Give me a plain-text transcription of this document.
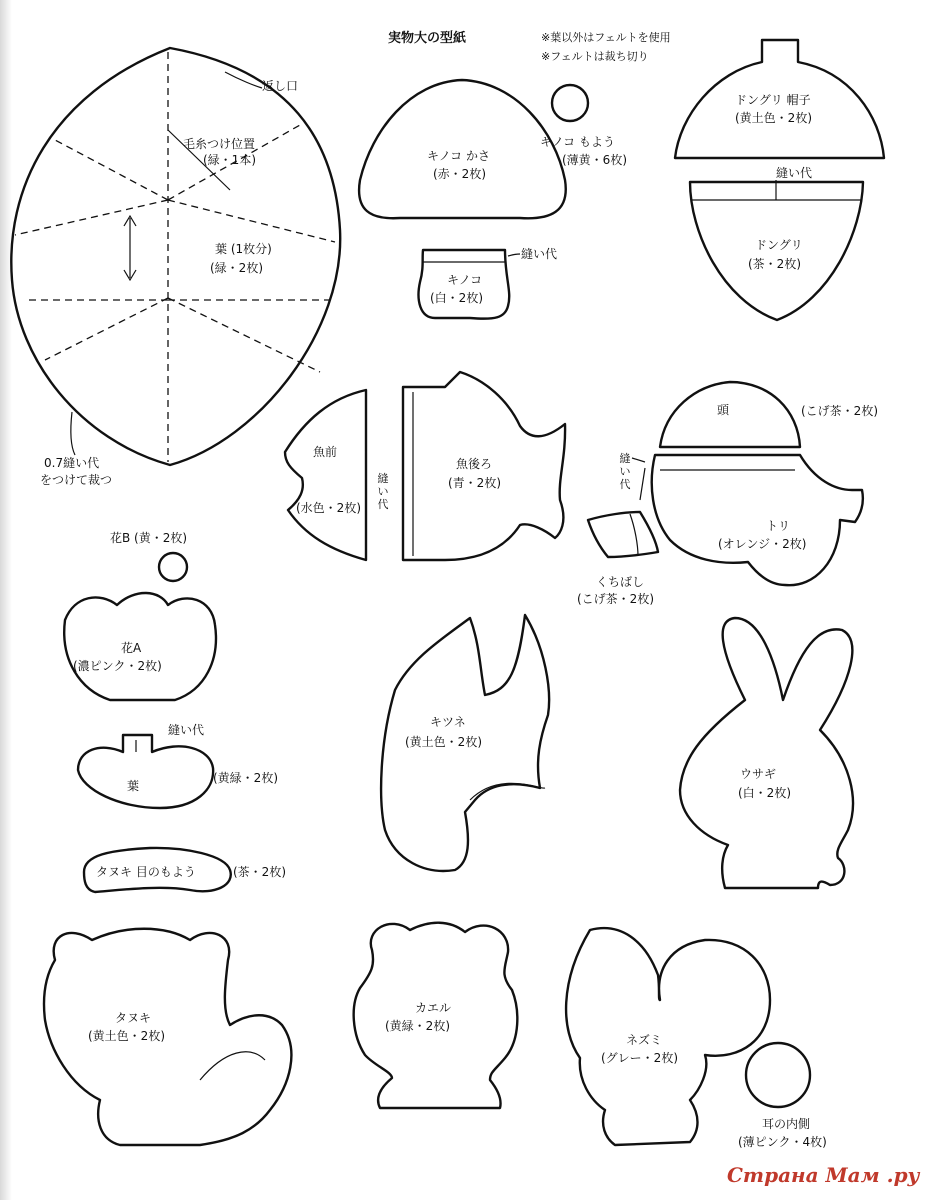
実物大の型紙	※葉以外はフェルトを使用
※フェルトは裁ち切り
返し口
毛糸つけ位置
(緑・1本)
葉 (1枚分)
(緑・2枚)
0.7縫い代
をつけて裁つ
キノコ かさ
(赤・2枚)
キノコ もよう
(薄黄・6枚)
縫い代
キノコ
(白・2枚)
ドングリ 帽子
(黄土色・2枚)
縫い代
ドングリ
(茶・2枚)
魚前
(水色・2枚)
縫い代
魚後ろ
(青・2枚)
頭	(こげ茶・2枚)
縫い代
トリ
(オレンジ・2枚)
くちばし
(こげ茶・2枚)
花B (黄・2枚)
花A
(濃ピンク・2枚)
縫い代
葉
(黄緑・2枚)
キツネ
(黄土色・2枚)
ウサギ
(白・2枚)
タヌキ 目のもよう	(茶・2枚)
タヌキ
(黄土色・2枚)
カエル
(黄緑・2枚)
ネズミ
(グレー・2枚)
耳の内側
(薄ピンク・4枚)
Страна Мам .ру
